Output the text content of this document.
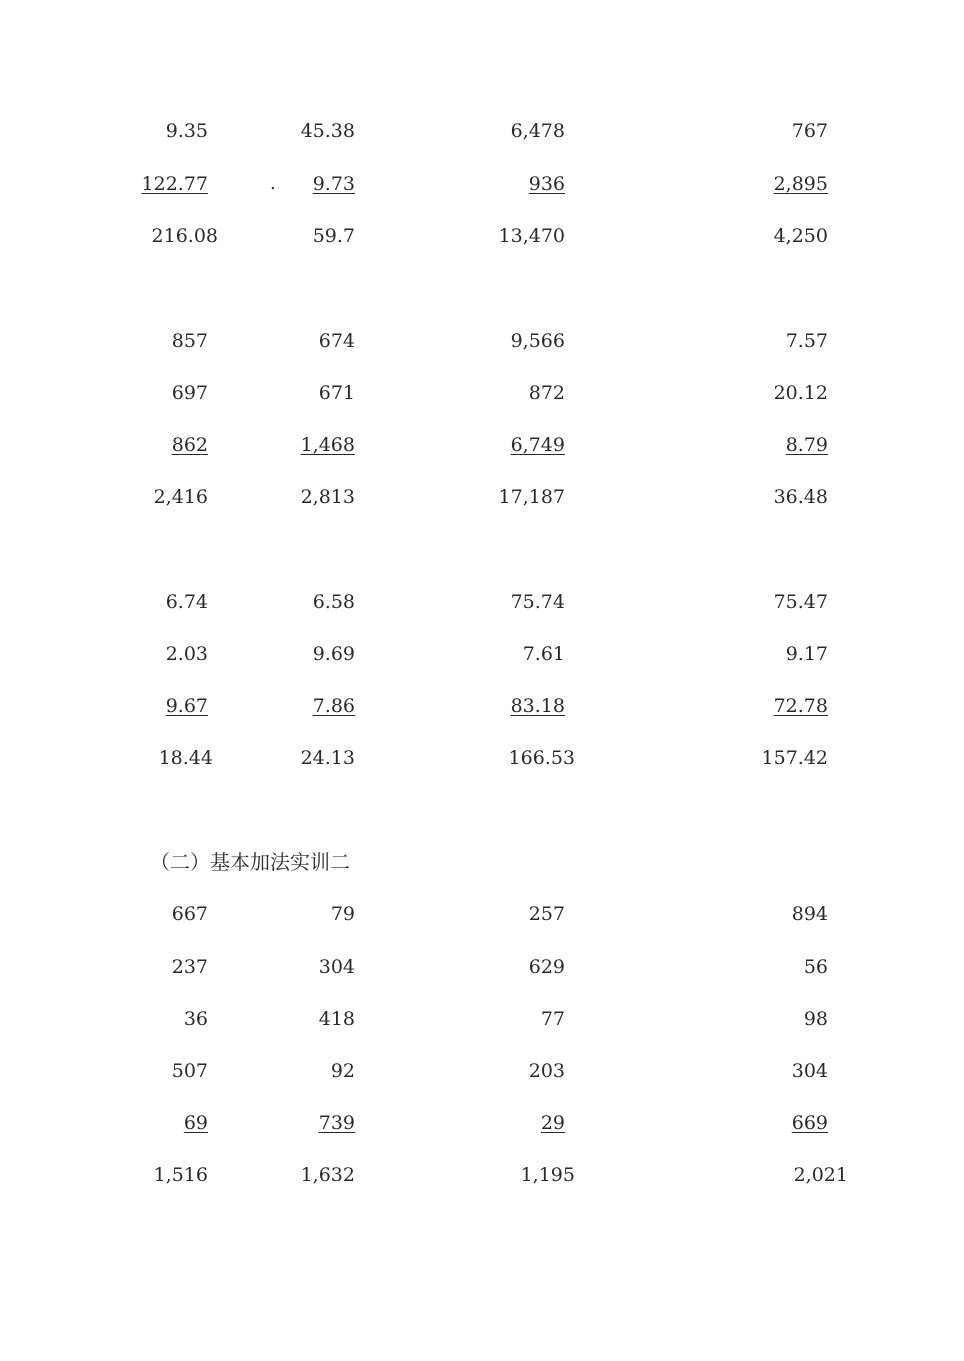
9.35	45.38	6,478	767
122.77	.	9.73	936	2,895
216.08	59.7	13,470	4,250
857	674	9,566	7.57
697	671	872	20.12
862	1,468	6,749	8.79
2,416	2,813	17,187	36.48
6.74	6.58	75.74	75.47
2.03	9.69	7.61	9.17
9.67	7.86	83.18	72.78
18.44	24.13	166.53	157.42
（二）基本加法实训二
667	79	257	894
237	304	629	56
36	418	77	98
507	92	203	304
69	739	29	669
1,516	1,632	1,195	2,021
